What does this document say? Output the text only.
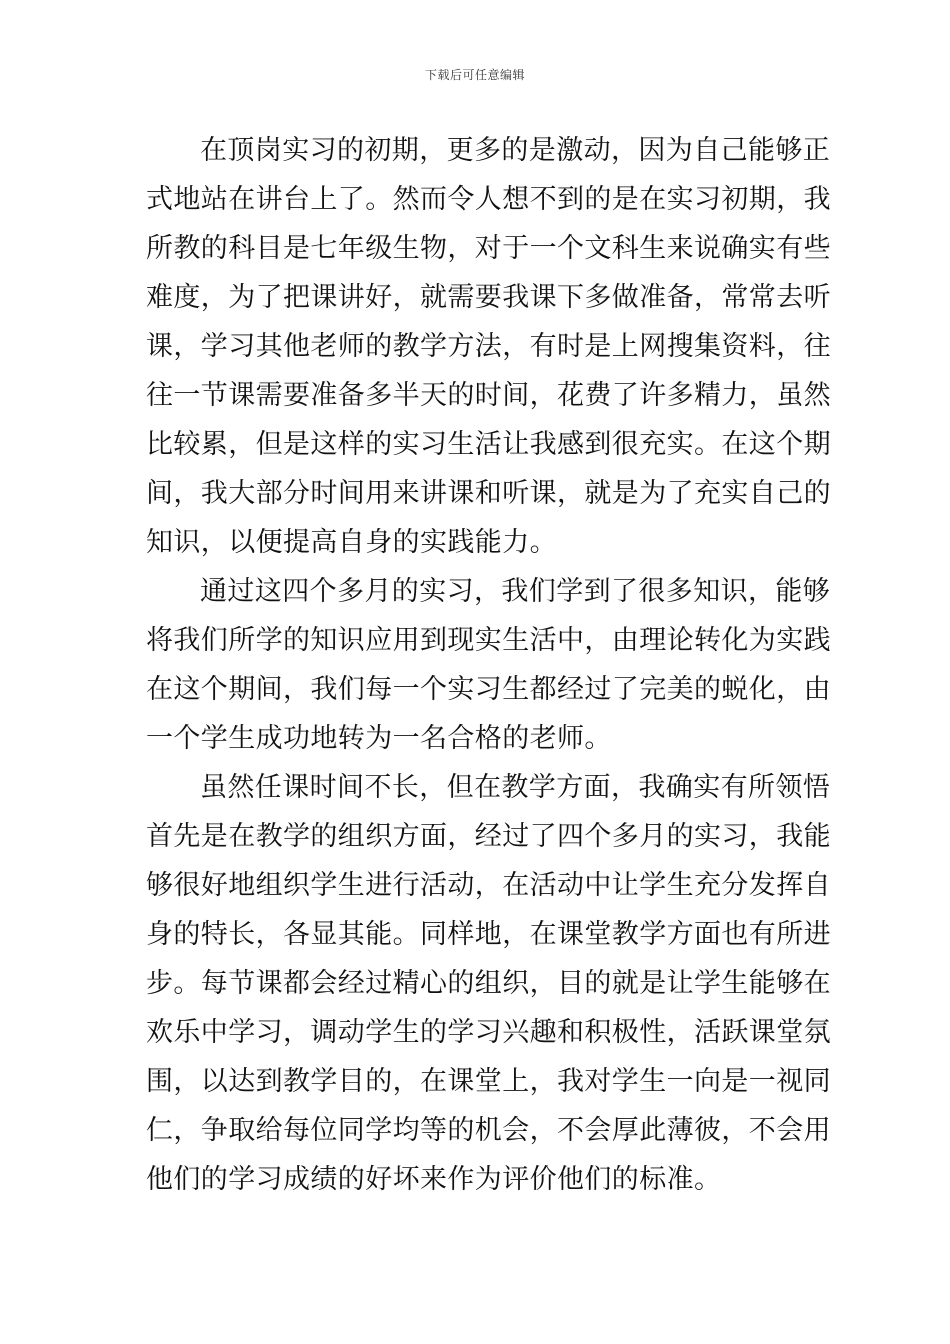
下载后可任意编辑
在顶岗实习的初期，更多的是激动，因为自己能够正
式地站在讲台上了。然而令人想不到的是在实习初期，我
所教的科目是七年级生物，对于一个文科生来说确实有些
难度，为了把课讲好，就需要我课下多做准备，常常去听
课，学习其他老师的教学方法，有时是上网搜集资料，往
往一节课需要准备多半天的时间，花费了许多精力，虽然
比较累，但是这样的实习生活让我感到很充实。在这个期
间，我大部分时间用来讲课和听课，就是为了充实自己的
知识，以便提高自身的实践能力。
通过这四个多月的实习，我们学到了很多知识，能够
将我们所学的知识应用到现实生活中，由理论转化为实践
在这个期间，我们每一个实习生都经过了完美的蜕化，由
一个学生成功地转为一名合格的老师。
虽然任课时间不长，但在教学方面，我确实有所领悟
首先是在教学的组织方面，经过了四个多月的实习，我能
够很好地组织学生进行活动，在活动中让学生充分发挥自
身的特长，各显其能。同样地，在课堂教学方面也有所进
步。每节课都会经过精心的组织，目的就是让学生能够在
欢乐中学习，调动学生的学习兴趣和积极性，活跃课堂氛
围，以达到教学目的，在课堂上，我对学生一向是一视同
仁，争取给每位同学均等的机会，不会厚此薄彼，不会用
他们的学习成绩的好坏来作为评价他们的标准。
